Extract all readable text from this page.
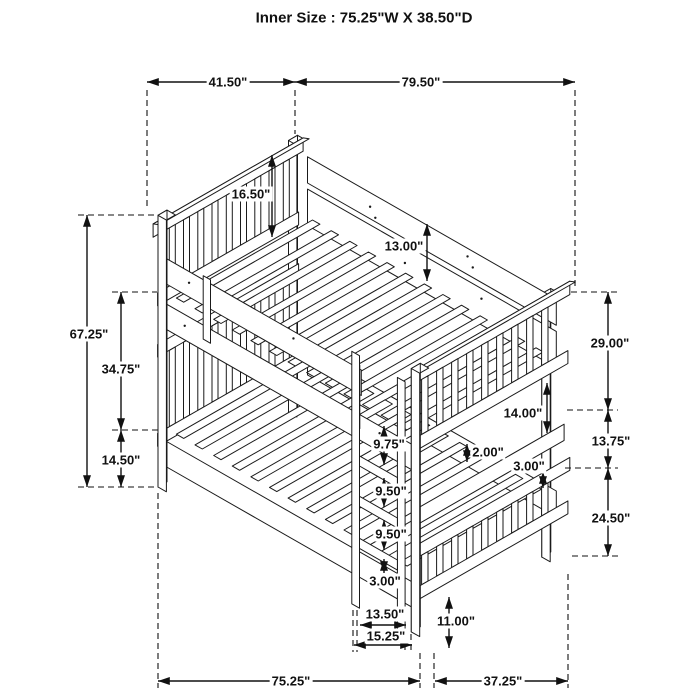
Inner Size : 75.25"W X 38.50"D
41.50"	79.50"
67.25"
34.75"
14.50"
16.50"
13.00"
29.00"
13.75"
24.50"
14.00"
2.00"
3.00"
9.75"
9.50"
9.50"
3.00"
13.50"
15.25"
11.00"
75.25"	37.25"
